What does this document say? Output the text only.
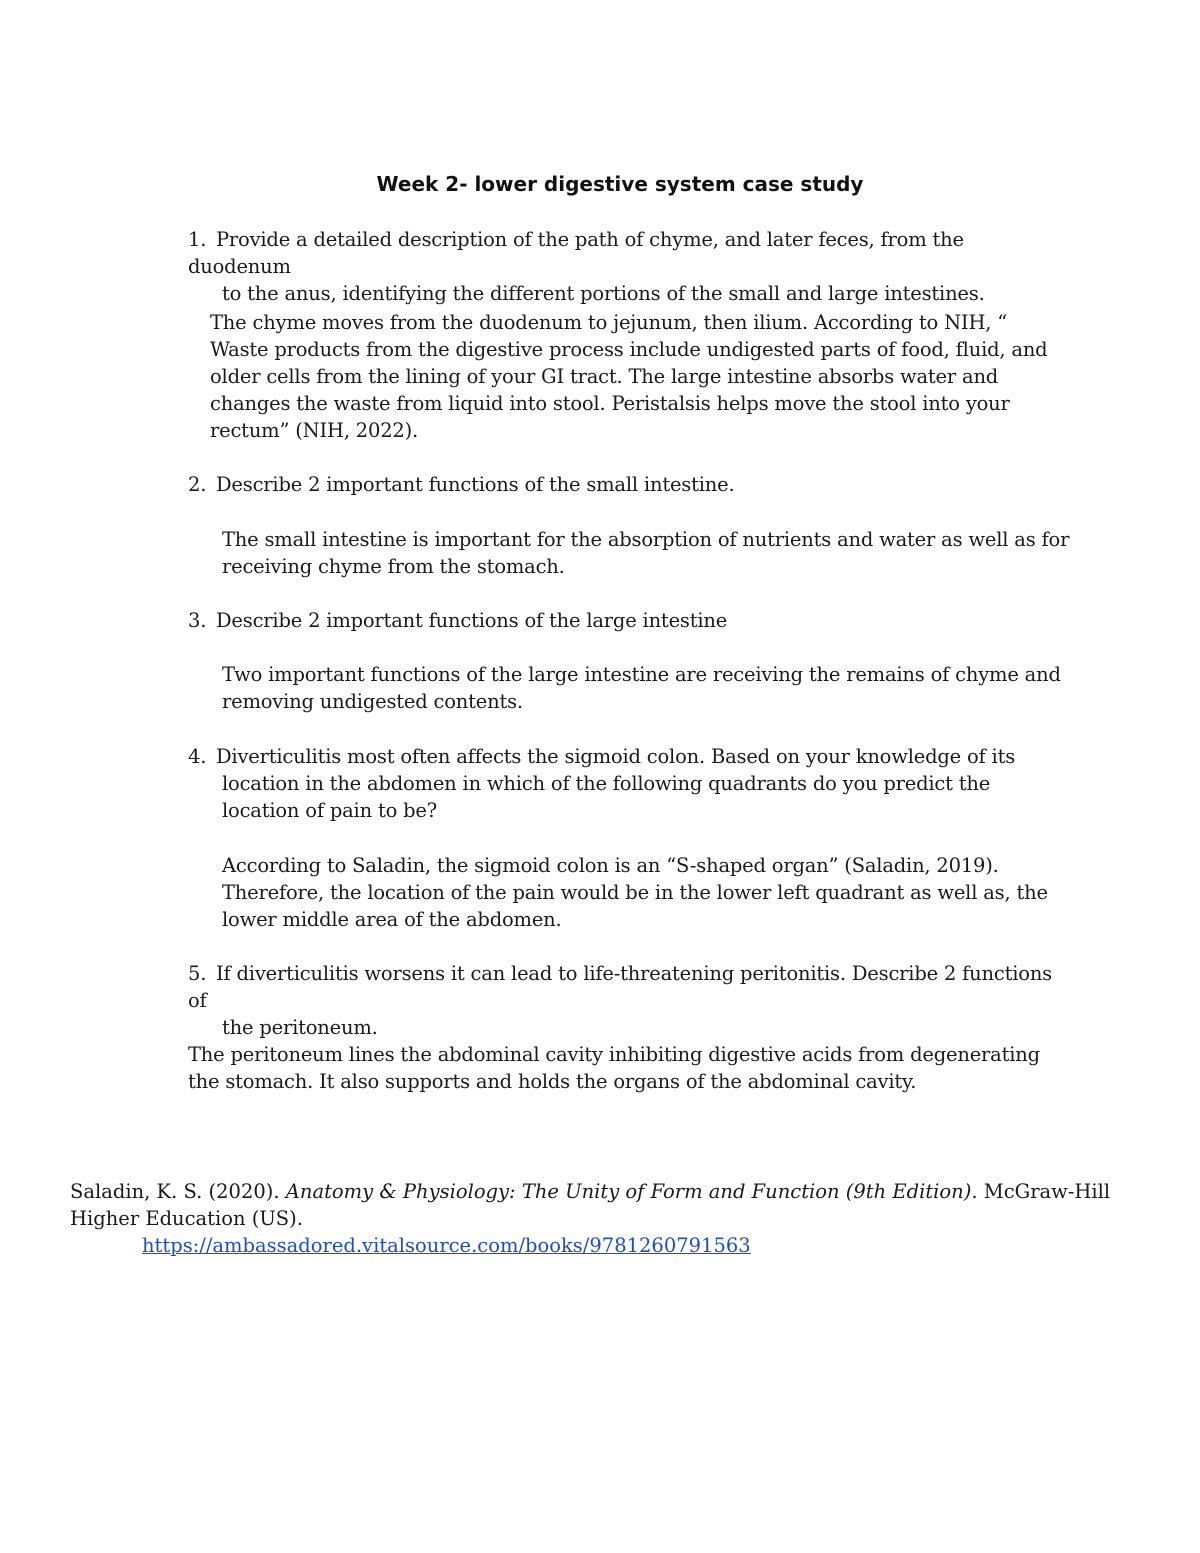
Week 2- lower digestive system case study
1. Provide a detailed description of the path of chyme, and later feces, from the duodenum
to the anus, identifying the different portions of the small and large intestines.
The chyme moves from the duodenum to jejunum, then ilium. According to NIH, “ Waste products from the digestive process include undigested parts of food, fluid, and older cells from the lining of your GI tract. The large intestine absorbs water and changes the waste from liquid into stool. Peristalsis helps move the stool into your rectum” (NIH, 2022).
2. Describe 2 important functions of the small intestine.
The small intestine is important for the absorption of nutrients and water as well as for receiving chyme from the stomach.
3. Describe 2 important functions of the large intestine
Two important functions of the large intestine are receiving the remains of chyme and removing undigested contents.
4. Diverticulitis most often affects the sigmoid colon. Based on your knowledge of its
location in the abdomen in which of the following quadrants do you predict the location of pain to be?
According to Saladin, the sigmoid colon is an “S-shaped organ” (Saladin, 2019). Therefore, the location of the pain would be in the lower left quadrant as well as, the lower middle area of the abdomen.
5. If diverticulitis worsens it can lead to life-threatening peritonitis. Describe 2 functions of
the peritoneum.
The peritoneum lines the abdominal cavity inhibiting digestive acids from degenerating the stomach. It also supports and holds the organs of the abdominal cavity.
Saladin, K. S. (2020). Anatomy & Physiology: The Unity of Form and Function (9th Edition). McGraw-Hill Higher Education (US).
https://ambassadored.vitalsource.com/books/9781260791563
